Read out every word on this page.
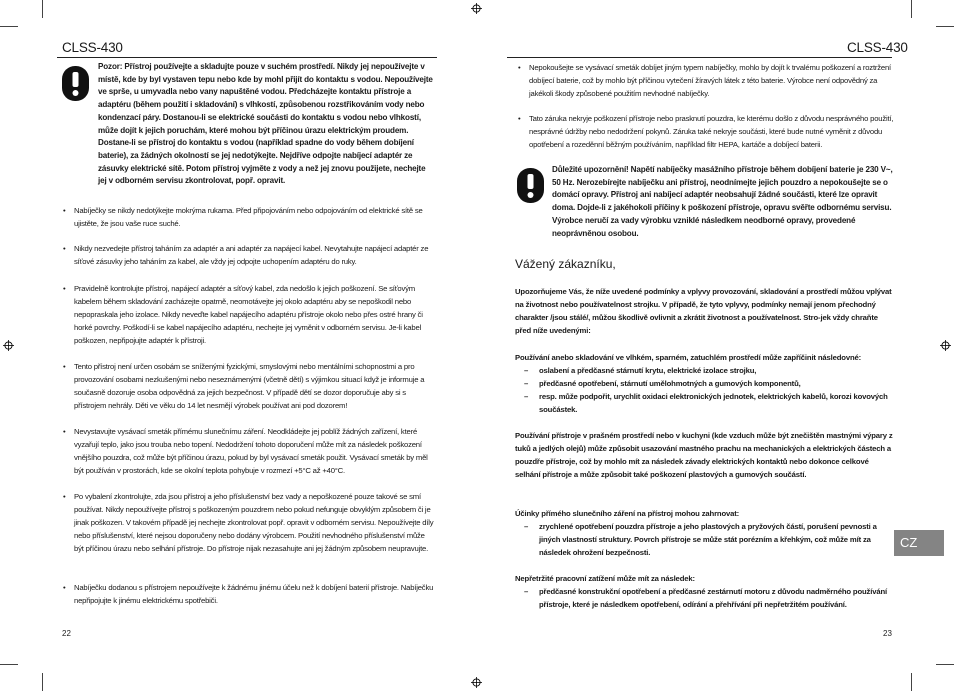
CLSS-430
Pozor: Přístroj používejte a skladujte pouze v suchém prostředí. Nikdy jej nepoužívejte v místě, kde by byl vystaven tepu nebo kde by mohl přijít do kontaktu s vodou. Nepoužívejte ve sprše, u umyvadla nebo vany napuštěné vodou. Předcházejte kontaktu přístroje a adaptéru (během použití i skladování) s vlhkostí, způsobenou rozstřikováním vody nebo kondenzací páry. Dostanou-li se elektrické součásti do kontaktu s vodou nebo vlhkostí, může dojít k jejich poruchám, které mohou být příčinou úrazu elektrickým proudem. Dostane-li se přístroj do kontaktu s vodou (například spadne do vody během dobíjení baterie), za žádných okolností se jej nedotýkejte. Nejdříve odpojte nabíjecí adaptér ze zásuvky elektrické sítě. Potom přístroj vyjměte z vody a než jej znovu použijete, nechejte jej v odborném servisu zkontrolovat, popř. opravit.
• Nabíječky se nikdy nedotýkejte mokrýma rukama. Před připojováním nebo odpojováním od elektrické sítě se ujistěte, že jsou vaše ruce suché.
• Nikdy nezvedejte přístroj taháním za adaptér a ani adaptér za napájecí kabel. Nevytahujte napájecí adaptér ze síťové zásuvky jeho taháním za kabel, ale vždy jej odpojte uchopením adaptéru do ruky.
• Pravidelně kontrolujte přístroj, napájecí adaptér a síťový kabel, zda nedošlo k jejich poškození. Se síťovým kabelem během skladování zacházejte opatrně, neomotávejte jej okolo adaptéru aby se nepoškodil nebo nepopraskala jeho izolace. Nikdy neveďte kabel napájecího adaptéru přístroje okolo nebo přes ostré hrany či horké povrchy. Poškodí-li se kabel napájecího adaptéru, nechejte jej vyměnit v odborném servisu. Je-li kabel poškozen, nepřipojujte adaptér k přístroji.
• Tento přístroj není určen osobám se sníženými fyzickými, smyslovými nebo mentálními schopnostmi a pro provozování osobami nezkušenými nebo neseznámenými (včetně dětí) s výjimkou situací když je informuje a současně dozoruje osoba odpovědná za jejich bezpečnost. V případě dětí se dozor doporučuje aby si s přístrojem nehrály. Děti ve věku do 14 let nesmějí výrobek používat ani pod dozorem!
• Nevystavujte vysávací smeták přímému slunečnímu záření. Neodkládejte jej poblíž žádných zařízení, které vyzařují teplo, jako jsou trouba nebo topení. Nedodržení tohoto doporučení může mít za následek poškození vnějšího pouzdra, což může být příčinou úrazu, pokud by byl vysávací smeták použit. Vysávací smeták by měl být používán v prostorách, kde se okolní teplota pohybuje v rozmezí +5°C až +40°C.
• Po vybalení zkontrolujte, zda jsou přístroj a jeho příslušenství bez vady a nepoškozené pouze takové se smí používat. Nikdy nepoužívejte přístroj s poškozeným pouzdrem nebo pokud nefunguje obvyklým způsobem či je jinak poškozen. V takovém případě jej nechejte zkontrolovat popř. opravit v odborném servisu. Nepoužívejte díly nebo příslušenství, které nejsou doporučeny nebo dodány výrobcem. Použití nevhodného příslušenství může být příčinou úrazu nebo selhání přístroje. Do přístroje nijak nezasahujte ani jej žádným způsobem neupravujte.
• Nabíječku dodanou s přístrojem nepoužívejte k žádnému jinému účelu než k dobíjení baterií přístroje. Nabíječku nepřipojujte k jinému elektrickému spotřebiči.
22
CLSS-430
• Nepokoušejte se vysávací smeták dobíjet jiným typem nabíječky, mohlo by dojít k trvalému poškození a roztržení dobíjecí baterie, což by mohlo být příčinou vytečení žíravých látek z této baterie. Výrobce není odpovědný za jakékoli škody způsobené použitím nevhodné nabíječky.
• Tato záruka nekryje poškození přístroje nebo prasknutí pouzdra, ke kterému došlo z důvodu nesprávného použití, nesprávné údržby nebo nedodržení pokynů. Záruka také nekryje součásti, které bude nutné vyměnit z důvodu opotřebení a rozeděnní běžným používáním, například filtr HEPA, kartáče a dobíjecí baterii.
Důležité upozornění! Napětí nabíječky masážního přístroje během dobíjení baterie je 230 V~, 50 Hz. Nerozebírejte nabíječku ani přístroj, neodnímejte jejich pouzdro a nepokoušejte se o domácí opravy. Přístroj ani nabíjecí adaptér neobsahují žádné součásti, které lze opravit doma. Dojde-li z jakéhokoli příčiny k poškození přístroje, opravu svěřte odbornému servisu. Výrobce neručí za vady výrobku vzniklé následkem neodborné opravy, provedené neoprávněnou osobou.
Vážený zákazníku,
Upozorňujeme Vás, že níže uvedené podmínky a vplyvy provozování, skladování a prostředí můžou vplývat na životnost nebo používatelnost strojku. V případě, že tyto vplyvy, podmínky nemají jenom přechodný charakter /jsou stálé/, můžou škodlivě ovlivnit a zkrátit životnost a používatelnost. Stro-jek vždy chraňte před níže uvedenými:
Používání anebo skladování ve vlhkém, sparném, zatuchlém prostředí může zapříčinit následovné:
– oslabení a předčasné stárnutí krytu, elektrické izolace strojku,
– předčasné opotřebení, stárnutí umělohmotných a gumových komponentů,
– resp. může podpořit, urychlit oxidaci elektronických jednotek, elektrických kabelů, korozi kovových součástek.
Používání přístroje v prašném prostředí nebo v kuchyni (kde vzduch může být znečištěn mastnými výpary z tuků a jedlých olejů) může způsobit usazování mastného prachu na mechanických a elektrických částech a pouzdře přístroje, což by mohlo mít za následek závady elektrických kontaktů nebo dokonce celkové selhání přístroje a může způsobit také poškození plastových a gumových součástí.
Účinky přímého slunečního záření na přístroj mohou zahrnovat:
– zrychlené opotřebení pouzdra přístroje a jeho plastových a pryžových částí, porušení pevnosti a jiných vlastností struktury. Povrch přístroje se může stát porézním a křehkým, což může mít za následek ohrožení bezpečnosti.
Nepřetržité pracovní zatížení může mít za následek:
– předčasné konstrukční opotřebení a předčasné zestárnutí motoru z důvodu nadměrného používání přístroje, které je následkem opotřebení, odírání a přehřívání při nepřetržitém používání.
23
CZ
